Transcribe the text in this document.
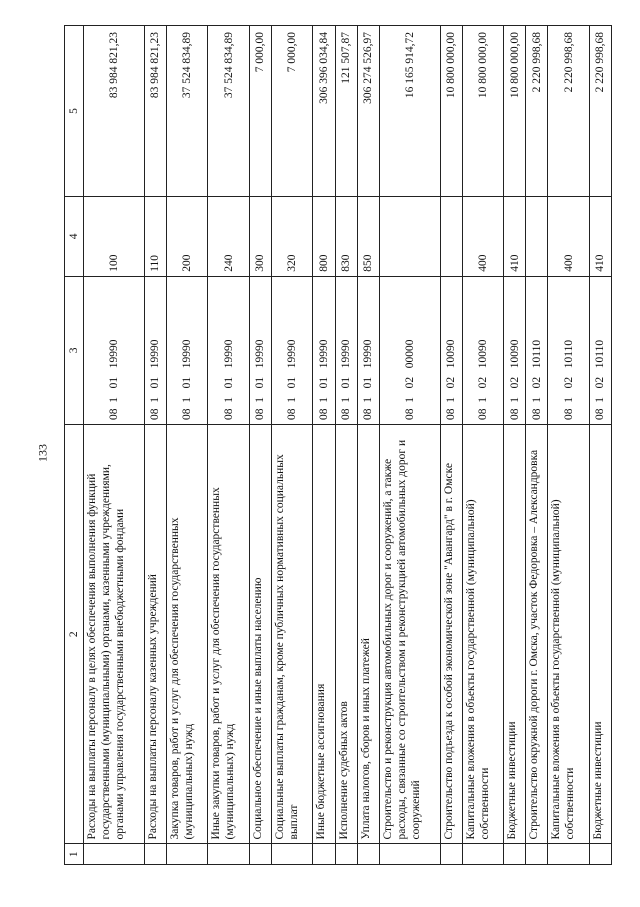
133
1	2	3	4	5
	Расходы на выплаты персоналу в целях обеспечения выполнения функций государственными (муниципальными) органами, казенными учреждениями, органами управления государственными внебюджетными фондами	08  1   01   19990	100	83 984 821,23
	Расходы на выплаты персоналу казенных учреждений	08  1   01   19990	110	83 984 821,23
	Закупка товаров, работ и услуг для обеспечения государственных (муниципальных) нужд	08  1   01   19990	200	37 524 834,89
	Иные закупки товаров, работ и услуг для обеспечения государственных (муниципальных) нужд	08  1   01   19990	240	37 524 834,89
	Социальное обеспечение и иные выплаты населению	08  1   01   19990	300	7 000,00
	Социальные выплаты гражданам, кроме публичных нормативных социальных выплат	08  1   01   19990	320	7 000,00
	Иные бюджетные ассигнования	08  1   01   19990	800	306 396 034,84
	Исполнение судебных актов	08  1   01   19990	830	121 507,87
	Уплата налогов, сборов и иных платежей	08  1   01   19990	850	306 274 526,97
	Строительство и реконструкция автомобильных дорог и сооружений, а также расходы, связанные со строительством и реконструкцией автомобильных дорог и сооружений	08  1   02   00000		16 165 914,72
	Строительство подъезда к особой экономической зоне "Авангард" в г. Омске	08  1   02   10090		10 800 000,00
	Капитальные вложения в объекты государственной (муниципальной) собственности	08  1   02   10090	400	10 800 000,00
	Бюджетные инвестиции	08  1   02   10090	410	10 800 000,00
	Строительство окружной дороги г. Омска, участок Федоровка – Александровка	08  1   02   10110		2 220 998,68
	Капитальные вложения в объекты государственной (муниципальной) собственности	08  1   02   10110	400	2 220 998,68
	Бюджетные инвестиции	08  1   02   10110	410	2 220 998,68
